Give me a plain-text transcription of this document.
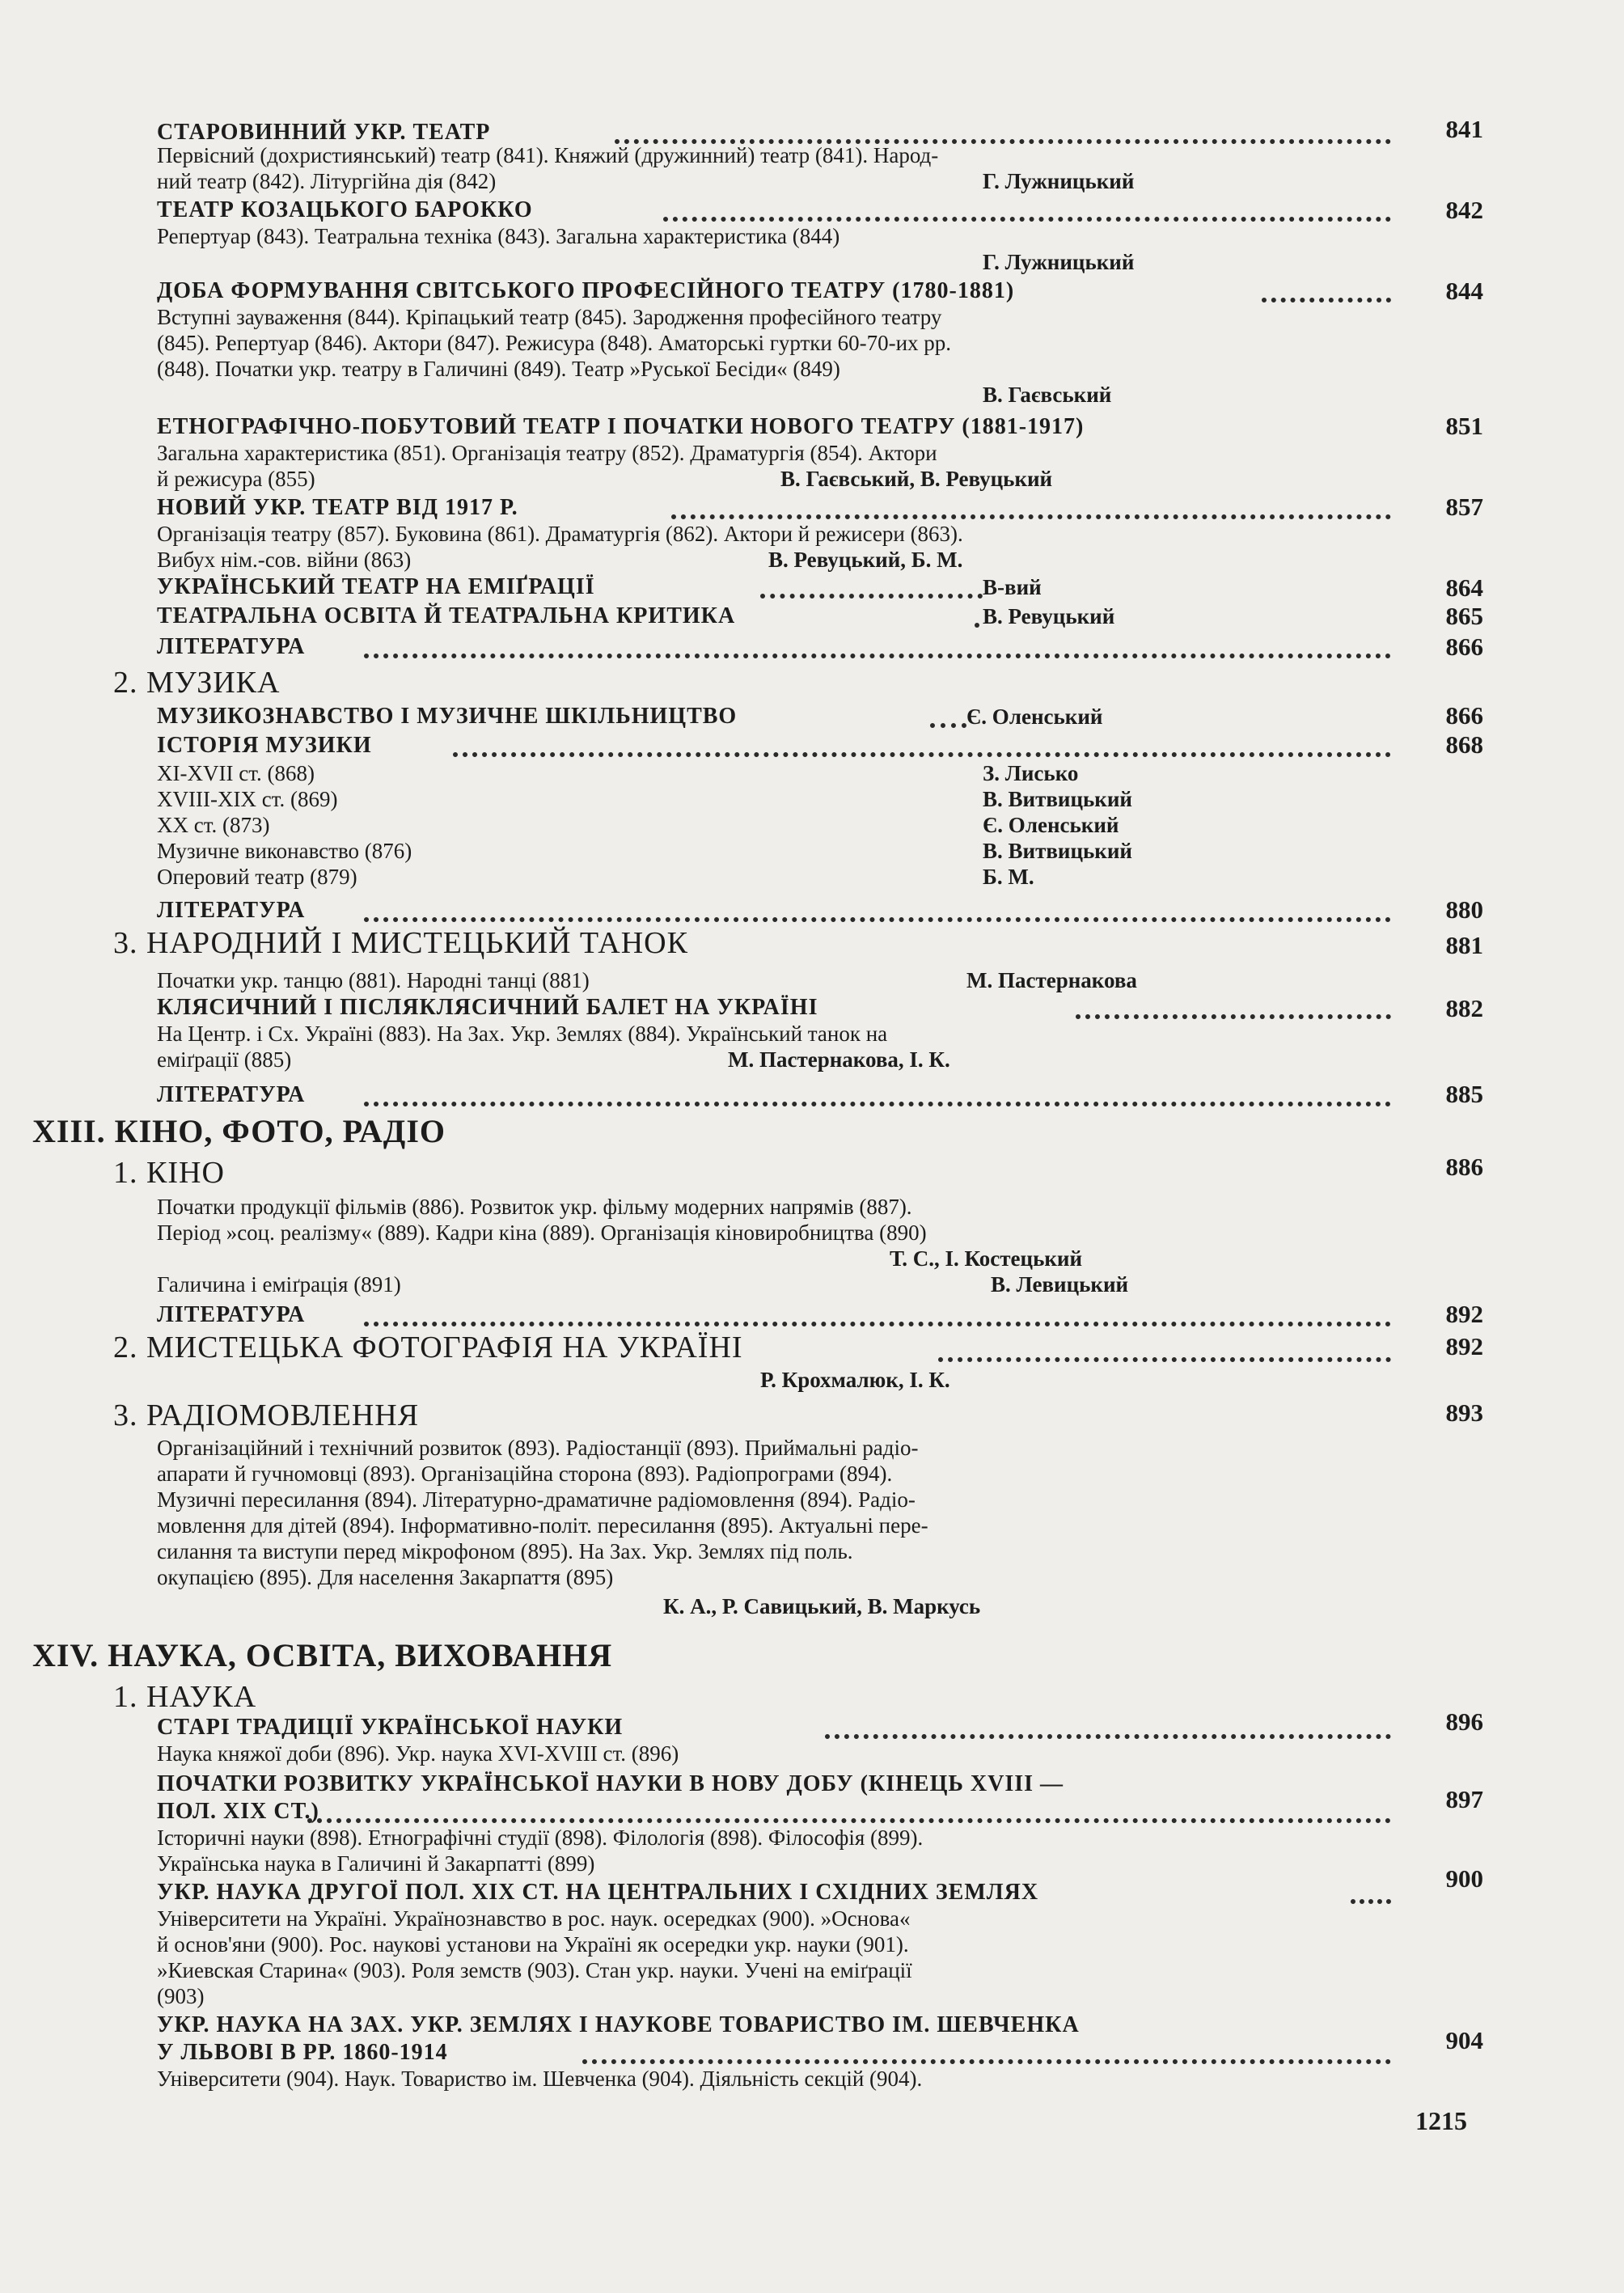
СТАРОВИННИЙ УКР. ТЕАТР	841
Первісний (дохристиянський) театр (841). Княжий (дружинний) театр (841). Народ-
ний театр (842). Літургійна дія (842)	Г. Лужницький
ТЕАТР КОЗАЦЬКОГО БАРОККО	842
Репертуар (843). Театральна техніка (843). Загальна характеристика (844)
Г. Лужницький
ДОБА ФОРМУВАННЯ СВІТСЬКОГО ПРОФЕСІЙНОГО ТЕАТРУ (1780-1881)	844
Вступні зауваження (844). Кріпацький театр (845). Зародження професійного театру
(845). Репертуар (846). Актори (847). Режисура (848). Аматорські гуртки 60-70-их рр.
(848). Початки укр. театру в Галичині (849). Театр »Руської Бесіди« (849)
В. Гаєвський
ЕТНОГРАФІЧНО-ПОБУТОВИЙ ТЕАТР І ПОЧАТКИ НОВОГО ТЕАТРУ (1881-1917)	851
Загальна характеристика (851). Організація театру (852). Драматургія (854). Актори
й режисура (855)	В. Гаєвський, В. Ревуцький
НОВИЙ УКР. ТЕАТР ВІД 1917 Р.	857
Організація театру (857). Буковина (861). Драматургія (862). Актори й режисери (863).
Вибух нім.-сов. війни (863)	В. Ревуцький, Б. М.
УКРАЇНСЬКИЙ ТЕАТР НА ЕМІҐРАЦІЇ	В-вий	864
ТЕАТРАЛЬНА ОСВІТА Й ТЕАТРАЛЬНА КРИТИКА	В. Ревуцький	865
ЛІТЕРАТУРА	866
2. МУЗИКА
МУЗИКОЗНАВСТВО І МУЗИЧНЕ ШКІЛЬНИЦТВО	Є. Оленський	866
ІСТОРІЯ МУЗИКИ	868
XI-XVII ст. (868)	З. Лисько
XVIII-XIX ст. (869)	В. Витвицький
XX ст. (873)	Є. Оленський
Музичне виконавство (876)	В. Витвицький
Оперовий театр (879)	Б. М.
ЛІТЕРАТУРА	880
3. НАРОДНИЙ І МИСТЕЦЬКИЙ ТАНОК	881
Початки укр. танцю (881). Народні танці (881)	М. Пастернакова
КЛЯСИЧНИЙ І ПІСЛЯКЛЯСИЧНИЙ БАЛЕТ НА УКРАЇНІ	882
На Центр. і Сх. Україні (883). На Зах. Укр. Землях (884). Український танок на
еміґрації (885)	М. Пастернакова, І. К.
ЛІТЕРАТУРА	885
XIII. КІНО, ФОТО, РАДІО
1. КІНО	886
Початки продукції фільмів (886). Розвиток укр. фільму модерних напрямів (887).
Період »соц. реалізму« (889). Кадри кіна (889). Організація кіновиробництва (890)
Т. С., І. Костецький
Галичина і еміґрація (891)	В. Левицький
ЛІТЕРАТУРА	892
2. МИСТЕЦЬКА ФОТОГРАФІЯ НА УКРАЇНІ	892
Р. Крохмалюк, І. К.
3. РАДІОМОВЛЕННЯ	893
Організаційний і технічний розвиток (893). Радіостанції (893). Приймальні радіо-
апарати й гучномовці (893). Організаційна сторона (893). Радіопрограми (894).
Музичні пересилання (894). Літературно-драматичне радіомовлення (894). Радіо-
мовлення для дітей (894). Інформативно-політ. пересилання (895). Актуальні пере-
силання та виступи перед мікрофоном (895). На Зах. Укр. Землях під поль.
окупацією (895). Для населення Закарпаття (895)
К. А., Р. Савицький, В. Маркусь
XIV. НАУКА, ОСВІТА, ВИХОВАННЯ
1. НАУКА
СТАРІ ТРАДИЦІЇ УКРАЇНСЬКОЇ НАУКИ	896
Наука княжої доби (896). Укр. наука XVI-XVIII ст. (896)
ПОЧАТКИ РОЗВИТКУ УКРАЇНСЬКОЇ НАУКИ В НОВУ ДОБУ (КІНЕЦЬ XVIII —
ПОЛ. XIX СТ.)	897
Історичні науки (898). Етнографічні студії (898). Філологія (898). Філософія (899).
Українська наука в Галичині й Закарпатті (899)
УКР. НАУКА ДРУГОЇ ПОЛ. XIX СТ. НА ЦЕНТРАЛЬНИХ І СХІДНИХ ЗЕМЛЯХ	900
Університети на Україні. Українознавство в рос. наук. осередках (900). »Основа«
й основ'яни (900). Рос. наукові установи на Україні як осередки укр. науки (901).
»Киевская Старина« (903). Роля земств (903). Стан укр. науки. Учені на еміґрації
(903)
УКР. НАУКА НА ЗАХ. УКР. ЗЕМЛЯХ І НАУКОВЕ ТОВАРИСТВО ІМ. ШЕВЧЕНКА
У ЛЬВОВІ В РР. 1860-1914	904
Університети (904). Наук. Товариство ім. Шевченка (904). Діяльність секцій (904).
1215
